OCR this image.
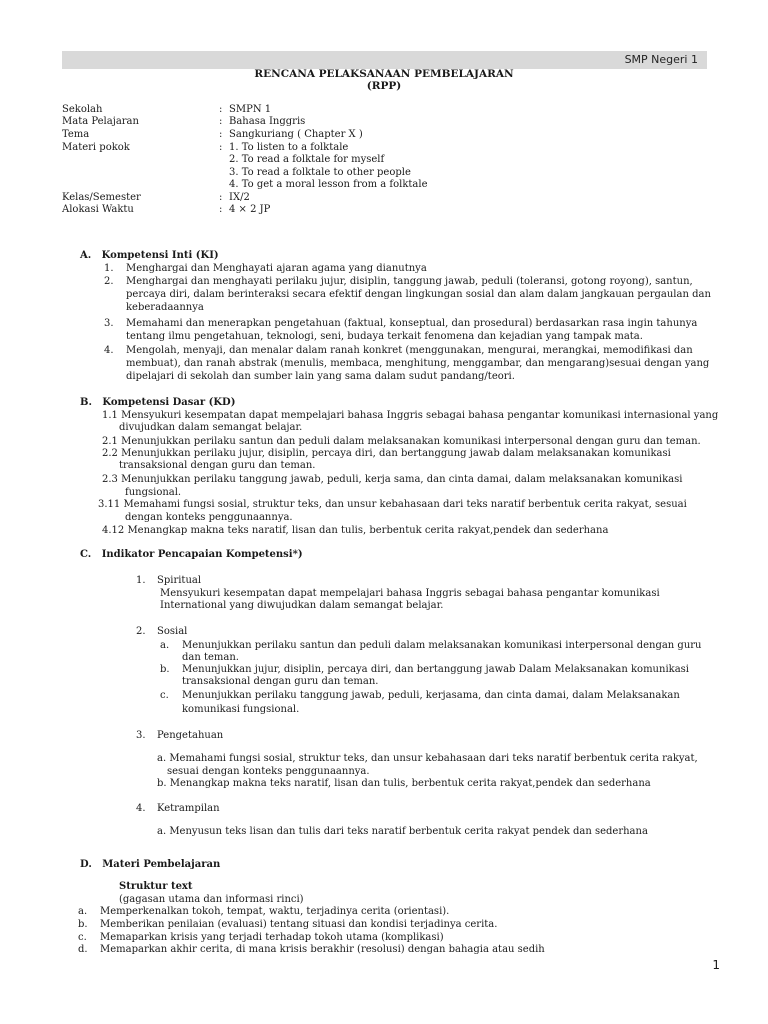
SMP Negeri 1
RENCANA PELAKSANAAN PEMBELAJARAN
(RPP)
Sekolah	: SMPN 1
Mata Pelajaran	: Bahasa Inggris
Tema	: Sangkuriang ( Chapter X )
Materi pokok	: 1. To listen to a folktale
2. To read a folktale for myself
3. To read a folktale to other people
4. To get a moral lesson from a folktale
Kelas/Semester	: IX/2
Alokasi Waktu	: 4 × 2 JP
A.   Kompetensi Inti (KI)
1. Menghargai dan Menghayati ajaran agama yang dianutnya
2. Menghargai dan menghayati perilaku jujur, disiplin, tanggung jawab, peduli (toleransi, gotong royong), santun,
percaya diri, dalam berinteraksi secara efektif dengan lingkungan sosial dan alam dalam jangkauan pergaulan dan
keberadaannya
3. Memahami dan menerapkan pengetahuan (faktual, konseptual, dan prosedural) berdasarkan rasa ingin tahunya
tentang ilmu pengetahuan, teknologi, seni, budaya terkait fenomena dan kejadian yang tampak mata.
4. Mengolah, menyaji, dan menalar dalam ranah konkret (menggunakan, mengurai, merangkai, memodifikasi dan
membuat), dan ranah abstrak (menulis, membaca, menghitung, menggambar, dan mengarang)sesuai dengan yang
dipelajari di sekolah dan sumber lain yang sama dalam sudut pandang/teori.
B.   Kompetensi Dasar (KD)
1.1 Mensyukuri kesempatan dapat mempelajari bahasa Inggris sebagai bahasa pengantar komunikasi internasional yang
divujudkan dalam semangat belajar.
2.1 Menunjukkan perilaku santun dan peduli dalam melaksanakan komunikasi interpersonal dengan guru dan teman.
2.2 Menunjukkan perilaku jujur, disiplin, percaya diri, dan bertanggung jawab dalam melaksanakan komunikasi
transaksional dengan guru dan teman.
2.3 Menunjukkan perilaku tanggung jawab, peduli, kerja sama, dan cinta damai, dalam melaksanakan komunikasi
fungsional.
3.11 Memahami fungsi sosial, struktur teks, dan unsur kebahasaan dari teks naratif berbentuk cerita rakyat, sesuai
dengan konteks penggunaannya.
4.12 Menangkap makna teks naratif, lisan dan tulis, berbentuk cerita rakyat,pendek dan sederhana
C.   Indikator Pencapaian Kompetensi*)
1. Spiritual
Mensyukuri kesempatan dapat mempelajari bahasa Inggris sebagai bahasa pengantar komunikasi
International yang diwujudkan dalam semangat belajar.
2. Sosial
a. Menunjukkan perilaku santun dan peduli dalam melaksanakan komunikasi interpersonal dengan guru
dan teman.
b. Menunjukkan jujur, disiplin, percaya diri, dan bertanggung jawab Dalam Melaksanakan komunikasi
transaksional dengan guru dan teman.
c. Menunjukkan perilaku tanggung jawab, peduli, kerjasama, dan cinta damai, dalam Melaksanakan
komunikasi fungsional.
3. Pengetahuan
a. Memahami fungsi sosial, struktur teks, dan unsur kebahasaan dari teks naratif berbentuk cerita rakyat,
sesuai dengan konteks penggunaannya.
b. Menangkap makna teks naratif, lisan dan tulis, berbentuk cerita rakyat,pendek dan sederhana
4. Ketrampilan
a. Menyusun teks lisan dan tulis dari teks naratif berbentuk cerita rakyat pendek dan sederhana
D.   Materi Pembelajaran
Struktur text
(gagasan utama dan informasi rinci)
a. Memperkenalkan tokoh, tempat, waktu, terjadinya cerita (orientasi).
b. Memberikan penilaian (evaluasi) tentang situasi dan kondisi terjadinya cerita.
c. Memaparkan krisis yang terjadi terhadap tokoh utama (komplikasi)
d. Memaparkan akhir cerita, di mana krisis berakhir (resolusi) dengan bahagia atau sedih
1
